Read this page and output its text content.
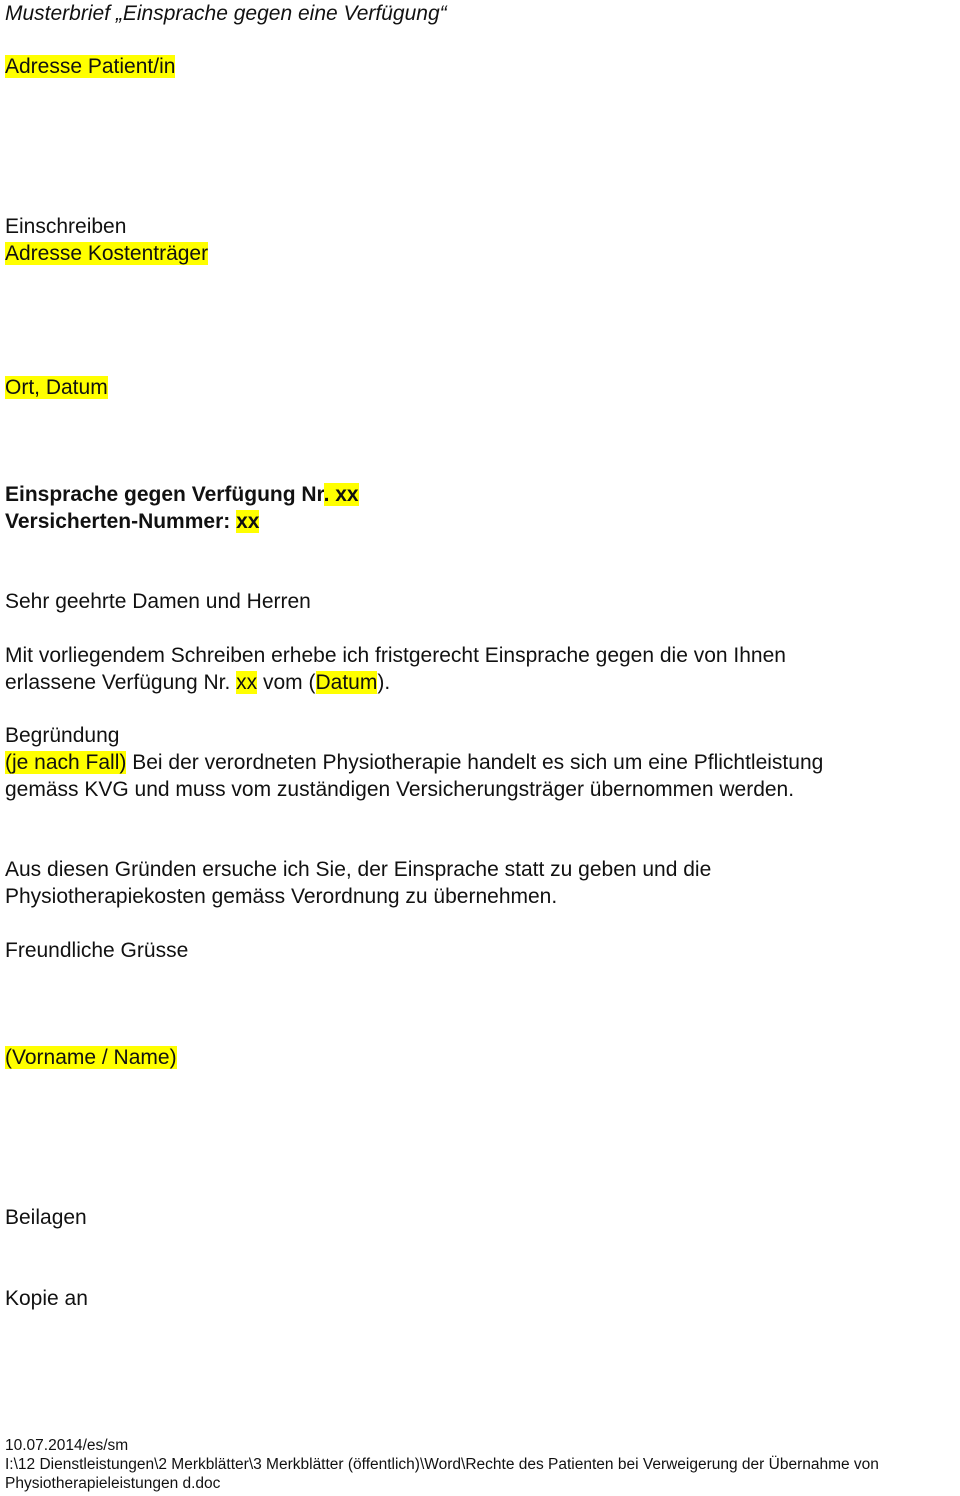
Musterbrief „Einsprache gegen eine Verfügung“

Adresse Patient/in

Einschreiben

Adresse Kostenträger

Ort, Datum

Einsprache gegen Verfügung Nr. xx

Versicherten-Nummer: xx

Sehr geehrte Damen und Herren

Mit vorliegendem Schreiben erhebe ich fristgerecht Einsprache gegen die von Ihnen

erlassene Verfügung Nr. xx vom (Datum).

Begründung

(je nach Fall) Bei der verordneten Physiotherapie handelt es sich um eine Pflichtleistung

gemäss KVG und muss vom zuständigen Versicherungsträger übernommen werden.

Aus diesen Gründen ersuche ich Sie, der Einsprache statt zu geben und die

Physiotherapiekosten gemäss Verordnung zu übernehmen.

Freundliche Grüsse

(Vorname / Name)

Beilagen

Kopie an

10.07.2014/es/sm

I:\12 Dienstleistungen\2 Merkblätter\3 Merkblätter (öffentlich)\Word\Rechte des Patienten bei Verweigerung der Übernahme von

Physiotherapieleistungen d.doc
